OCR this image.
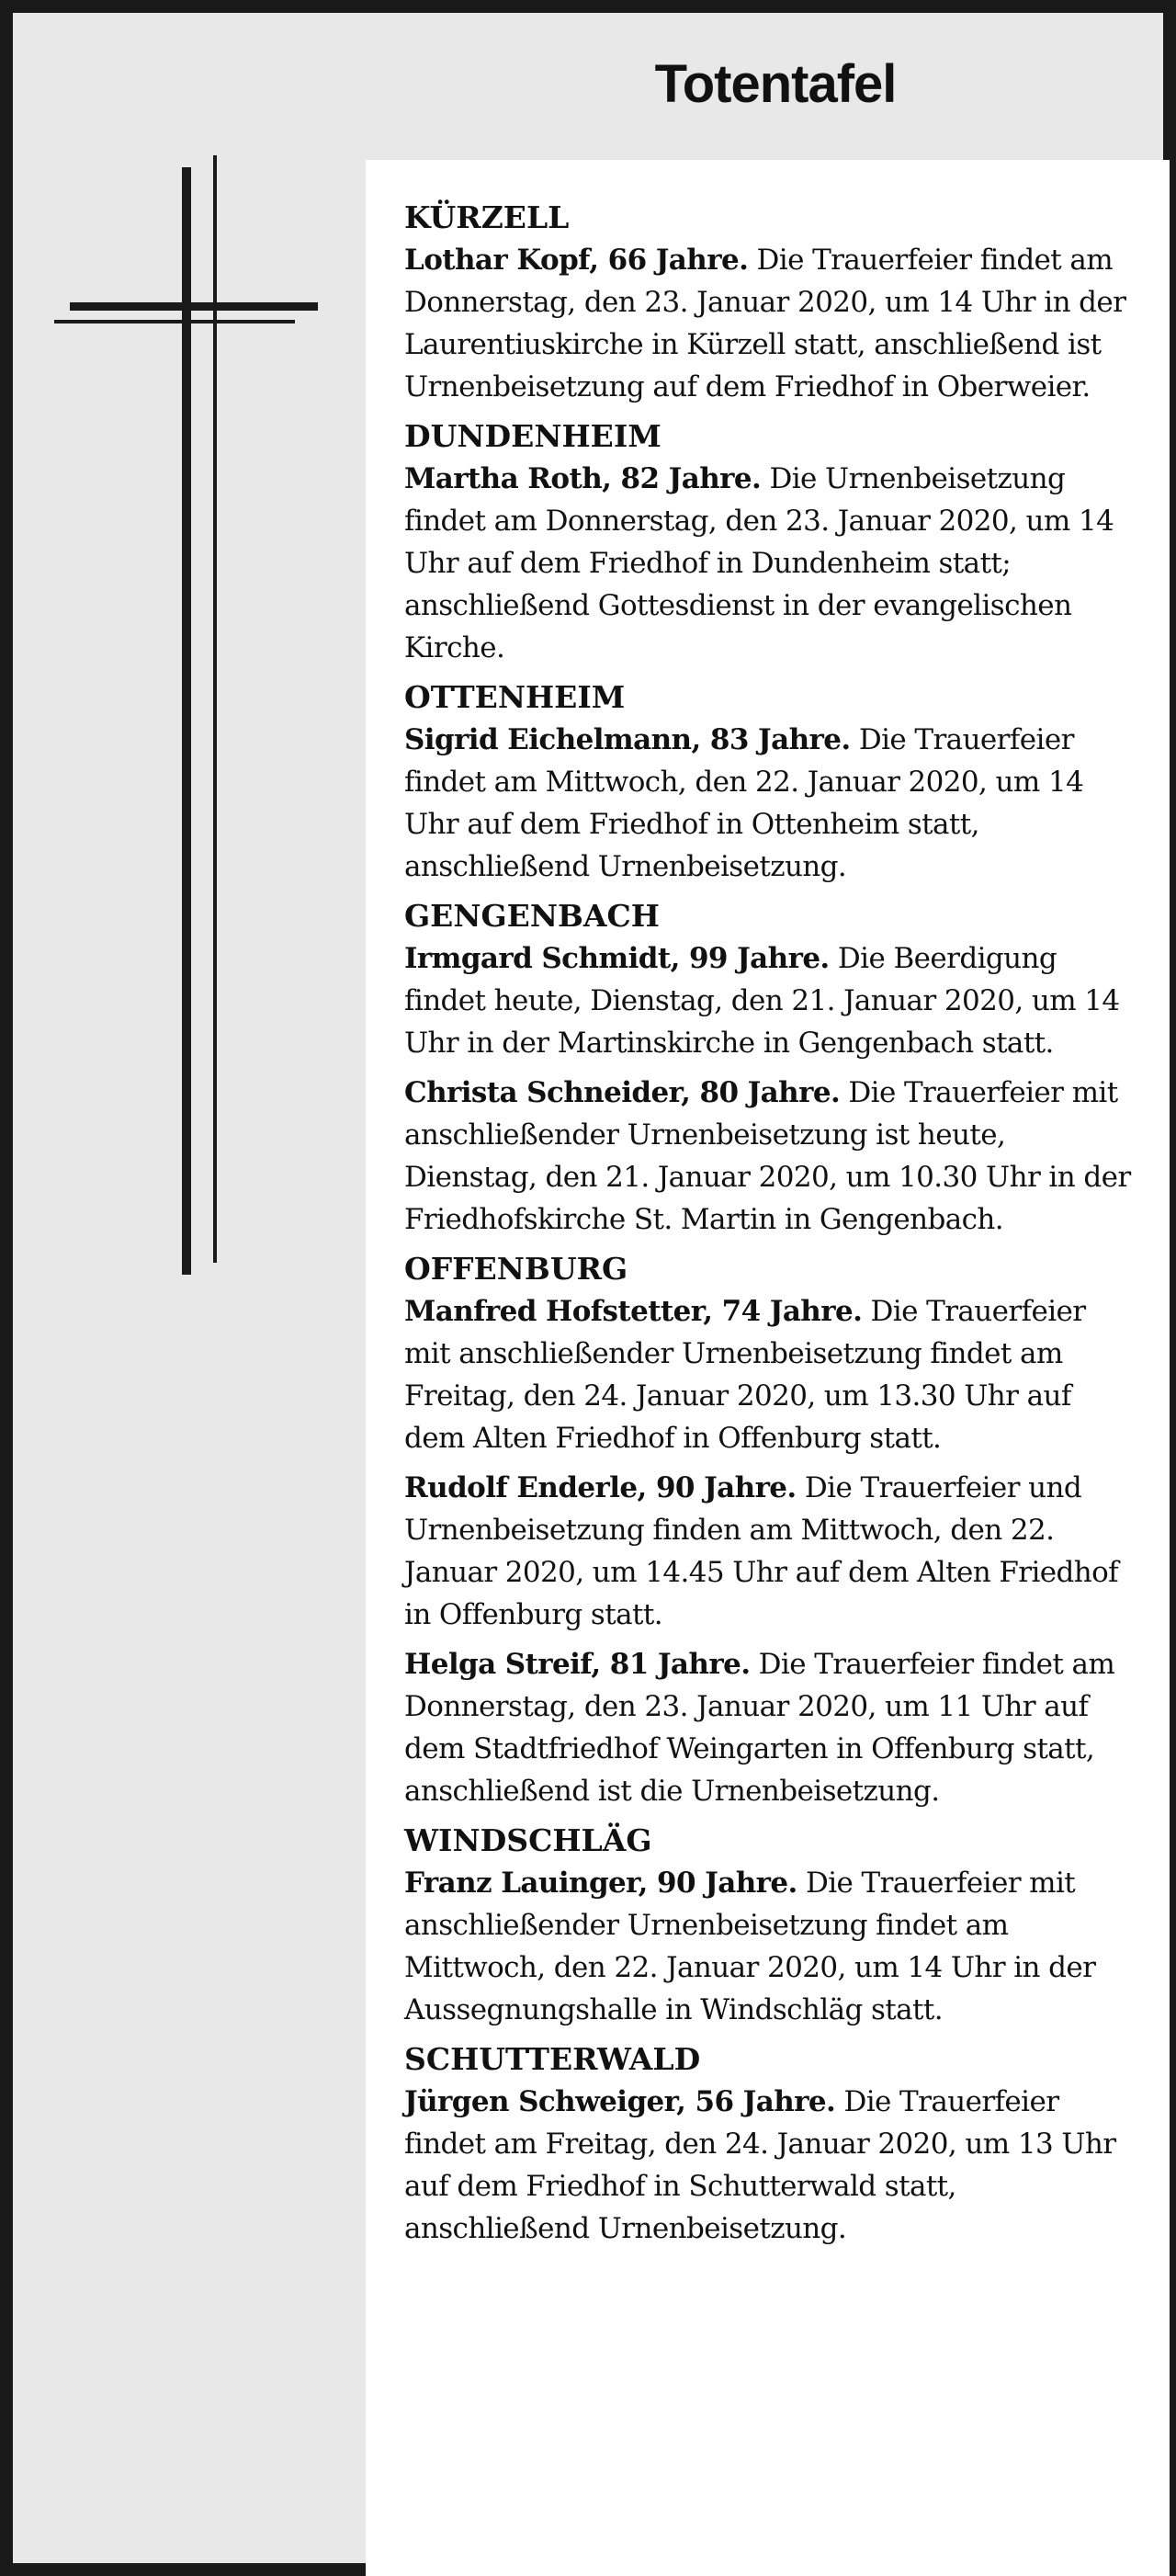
Totentafel

KÜRZELL

Lothar Kopf, 66 Jahre. Die Trauerfeier findet am Donnerstag, den 23. Januar 2020, um 14 Uhr in der Laurentiuskirche in Kürzell statt, anschließend ist Urnenbeisetzung auf dem Friedhof in Oberweier.

DUNDENHEIM

Martha Roth, 82 Jahre. Die Urnenbeisetzung findet am Donnerstag, den 23. Januar 2020, um 14 Uhr auf dem Friedhof in Dundenheim statt; anschließend Gottesdienst in der evangelischen Kirche.

OTTENHEIM

Sigrid Eichelmann, 83 Jahre. Die Trauerfeier findet am Mittwoch, den 22. Januar 2020, um 14 Uhr auf dem Friedhof in Ottenheim statt, anschließend Urnenbeisetzung.

GENGENBACH

Irmgard Schmidt, 99 Jahre. Die Beerdigung findet heute, Dienstag, den 21. Januar 2020, um 14 Uhr in der Martinskirche in Gengenbach statt.

Christa Schneider, 80 Jahre. Die Trauerfeier mit anschließender Urnenbeisetzung ist heute, Dienstag, den 21. Januar 2020, um 10.30 Uhr in der Friedhofskirche St. Martin in Gengenbach.

OFFENBURG

Manfred Hofstetter, 74 Jahre. Die Trauerfeier mit anschließender Urnenbeisetzung findet am Freitag, den 24. Januar 2020, um 13.30 Uhr auf dem Alten Friedhof in Offenburg statt.

Rudolf Enderle, 90 Jahre. Die Trauerfeier und Urnenbeisetzung finden am Mittwoch, den 22. Januar 2020, um 14.45 Uhr auf dem Alten Friedhof in Offenburg statt.

Helga Streif, 81 Jahre. Die Trauerfeier findet am Donnerstag, den 23. Januar 2020, um 11 Uhr auf dem Stadtfriedhof Weingarten in Offenburg statt, anschließend ist die Urnenbeisetzung.

WINDSCHLÄG

Franz Lauinger, 90 Jahre. Die Trauerfeier mit anschließender Urnenbeisetzung findet am Mittwoch, den 22. Januar 2020, um 14 Uhr in der Aussegnungshalle in Windschläg statt.

SCHUTTERWALD

Jürgen Schweiger, 56 Jahre. Die Trauerfeier findet am Freitag, den 24. Januar 2020, um 13 Uhr auf dem Friedhof in Schutterwald statt, anschließend Urnenbeisetzung.
